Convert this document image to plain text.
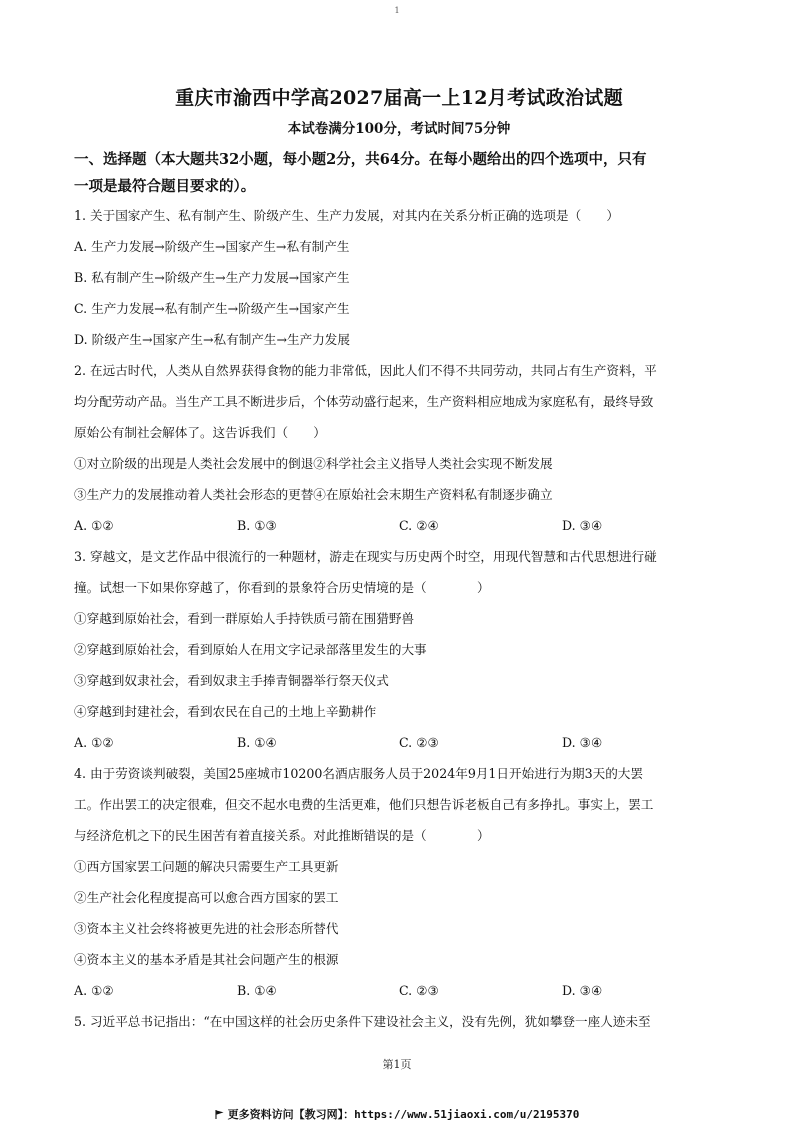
1
重庆市渝西中学高2027届高一上12月考试政治试题
本试卷满分100分，考试时间75分钟
一、选择题（本大题共32小题，每小题2分，共64分。在每小题给出的四个选项中，只有
一项是最符合题目要求的）。
1. 关于国家产生、私有制产生、阶级产生、生产力发展，对其内在关系分析正确的选项是（　　）
A. 生产力发展→阶级产生→国家产生→私有制产生
B. 私有制产生→阶级产生→生产力发展→国家产生
C. 生产力发展→私有制产生→阶级产生→国家产生
D. 阶级产生→国家产生→私有制产生→生产力发展
2. 在远古时代，人类从自然界获得食物的能力非常低，因此人们不得不共同劳动，共同占有生产资料，平
均分配劳动产品。当生产工具不断进步后，个体劳动盛行起来，生产资料相应地成为家庭私有，最终导致
原始公有制社会解体了。这告诉我们（　　）
①对立阶级的出现是人类社会发展中的倒退②科学社会主义指导人类社会实现不断发展
③生产力的发展推动着人类社会形态的更替④在原始社会末期生产资料私有制逐步确立
A. ①②	B. ①③	C. ②④	D. ③④
3. 穿越文，是文艺作品中很流行的一种题材，游走在现实与历史两个时空，用现代智慧和古代思想进行碰
撞。试想一下如果你穿越了，你看到的景象符合历史情境的是（　　　　）
①穿越到原始社会，看到一群原始人手持铁质弓箭在围猎野兽
②穿越到原始社会，看到原始人在用文字记录部落里发生的大事
③穿越到奴隶社会，看到奴隶主手捧青铜器举行祭天仪式
④穿越到封建社会，看到农民在自己的土地上辛勤耕作
A. ①②	B. ①④	C. ②③	D. ③④
4. 由于劳资谈判破裂，美国25座城市10200名酒店服务人员于2024年9月1日开始进行为期3天的大罢
工。作出罢工的决定很难，但交不起水电费的生活更难，他们只想告诉老板自己有多挣扎。事实上，罢工
与经济危机之下的民生困苦有着直接关系。对此推断错误的是（　　　　）
①西方国家罢工问题的解决只需要生产工具更新
②生产社会化程度提高可以愈合西方国家的罢工
③资本主义社会终将被更先进的社会形态所替代
④资本主义的基本矛盾是其社会问题产生的根源
A. ①②	B. ①④	C. ②③	D. ③④
5. 习近平总书记指出：“在中国这样的社会历史条件下建设社会主义，没有先例，犹如攀登一座人迹未至
第1页
更多资料访问【教习网】：https://www.51jiaoxi.com/u/2195370
